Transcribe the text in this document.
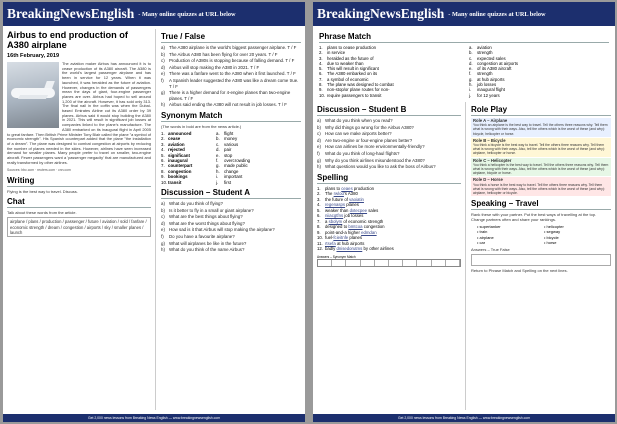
BreakingNewsEnglish - Many online quizzes at URL below
Airbus to end production of A380 airplane
16th February, 2019

The aviation maker Airbus has announced it is to cease production of its A380 aircraft. The A380 is the world's largest passenger airplane and has been in service for 12 years. When it was launched, it was heralded as the future of aviation. However, changes in the demands of passengers mean the days of giant, four-engine passenger planes are over. Airbus had hoped to sell around 1,200 of the aircraft. However, it has sold only 313. The final nail in the coffin was when the Dubai-based Emirates Airline cut its A380 order by 39 planes. Airbus said it would stop building the A380 in 2021. This will result in significant job losses at companies linked to the plane's manufacture. The A380 embarked on its inaugural flight in April 2005 to great fanfare. Then British Prime Minister Tony Blair called the plane "a symbol of economic strength". His Spanish counterpart added that the plane "the installation of a dream". The plane was designed to combat congestion at airports by reducing the number of planes needed in the skies. However, airlines have seen increased demand for smaller planes. Many people prefer to travel on smaller, two-engine aircraft. Fewer passengers want a 'passenger megacity' that are manufactured and really transformed by other airlines.

Sources: bbc.com · reuters.com · cnn.com
Writing
Flying is the best way to travel. Discuss.
Chat
Talk about these words from the article.
airplane / plans / production / passenger / future / aviation / sold / fanfare / economic strength / dream / congestion / airports / sky / smaller planes / launch
True / False
a) The A380 airplane is the world's biggest passenger airplane. T / F
b) The Airbus A380 has been flying for over 20 years. T / F
c) Production of A380s is stopping because of falling demand. T / F
d) Airbus will stop making the A380 in 2021. T / F
e) There was a fanfare went to the A380 when it first launched. T / F
f)	A Spanish leader suggested the A380 was like a dream come true. T / F
g) There is a higher demand for 4-engine planes than two-engine planes. T / F
h) Airbus said ending the A380 will not result in job losses. T / F
Synonym Match
(The words in bold are from the news article.)
1. announced	a. flight
2. cease	b. money
3. aviation	c.	various
4. rejected	d. pair
5. significant	e. stop
6. inaugural	f.	overcrowding
7. counterpart	g. made public
8. congestion	h. change
9. bookings	i.	important
10. transit	j.	first
Discussion – Student A
a) What do you think of flying?
b) Is it better to fly in a small or giant airplane?
c) What are the best things about flying?
d) What are the worst things about flying?
e) How sad is it that Airbus will stop making the airplane?
f)	Do you have a favourite airplane?
g) What will airplanes be like in the future?
h) What do you think of the name Airbus?
Get 2,000 news lessons from Breaking News English — www.breakingnewsenglish.com
BreakingNewsEnglish - Many online quizzes at URL below
Phrase Match
1.	plans to cease production	a.	aviation
2.	in service	b.	strength
3.	heralded as the future of	c.	expected sales
4.	due to weaker than	d.	congestion at airports
5.	This will result in significant	e.	of its A380 aircraft
6.	The A380 embarked on its	f.	strength
7.	a symbol of economic	g.	at hub airports
8.	The plane was designed to combat	h.	job losses
9.	non-stop/or plane routes for non-	i.	inaugural flight
10. require passengers to transit	j.	for 12 years
Discussion – Student B
a) What do you think when you read?
b) Why did things go wrong for the Airbus A380?
c) How can we make airports better?
d) Are two-engine or four-engine planes better?
e) How can airlines be more environmentally-friendly?
f)	What do you think of long-haul flights?
g) Why do you think airlines misunderstood the A380?
h) What questions would you like to ask the boss of Airbus?
Spelling
1.	plans to ceaes production
2.	The rwlod's A380
3.	the future of vaoiatin
4.	regenasps planes
5.	weaker than dxtecpee sales
6.	niiacgtfns job losses
7.	a sbolym of economic strength
8.	designed to bmtcoa congestion
9.	point-and-a higher edmdan
10. fuel-fcieitnfe planes
11. rtsefa at hub airports
12. badly dnisedorutms by other airlines
Answers – Synonym Match
Role Play
Role A – Airplane
You think an airplane is the best way to travel. Tell the others three reasons why. Tell them what is wrong with their ways. Also, tell the others which is the worst of these (and why): bicycle, helicopter or horse.
Role B – Bicycle
You think a bicycle is the best way to travel. Tell the others three reasons why. Tell them what is wrong with their ways. Also, tell the others which is the worst of these (and why): airplane, helicopter or horse.
Role C – Helicopter
You think a helicopter is the best way to travel. Tell the others three reasons why. Tell them what is wrong with their ways. Also, tell the others which is the worst of these (and why): airplane, bicycle or horse.
Role D – Horse
You think a horse is the best way to travel. Tell the others three reasons why. Tell them what is wrong with their ways. Also, tell the others which is the worst of these (and why): airplane, helicopter or bicycle.
Speaking – Travel
Rank these with your partner. Put the best ways of travelling at the top. Change partners often and share your rankings.
• supertanker	• helicopter
• train	• segway
• airplane	• bicycle
• car	• horse
Answers – True False
Return to Phrase Match and Spelling on the next lines.
Get 2,000 news lessons from Breaking News English — www.breakingnewsenglish.com
